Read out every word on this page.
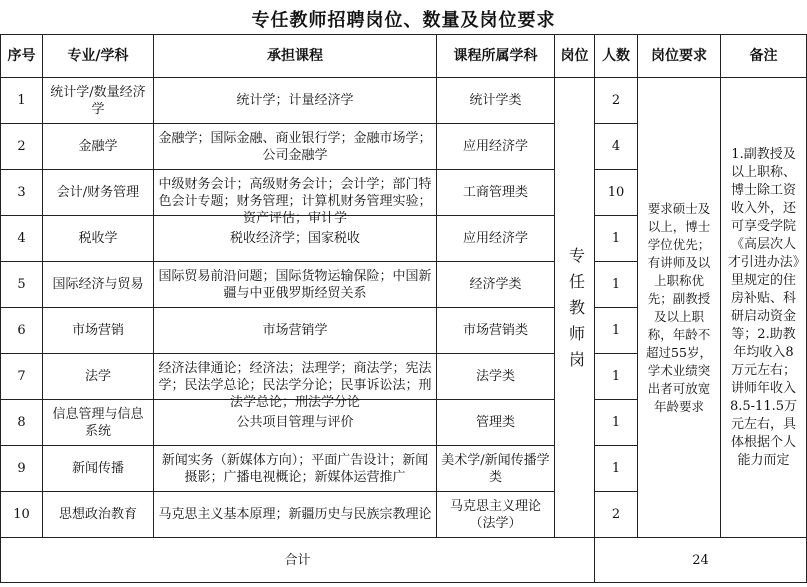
专任教师招聘岗位、数量及岗位要求
序号	专业/学科	承担课程	课程所属学科	岗位	人数	岗位要求	备注
1	统计学/数量经济学	统计学；计量经济学	统计学类	专任教师岗	2	要求硕士及以上，博士学位优先；有讲师及以上职称优先；副教授及以上职称，年龄不超过55岁，学术业绩突出者可放宽年龄要求	1.副教授及以上职称、博士除工资收入外，还可享受学院《高层次人才引进办法》里规定的住房补贴、科研启动资金等；2.助教年均收入8万元左右；讲师年收入8.5-11.5万元左右，具体根据个人能力而定
2	金融学	金融学；国际金融、商业银行学；金融市场学；公司金融学	应用经济学		4		
3	会计/财务管理	中级财务会计；高级财务会计；会计学；部门特色会计专题；财务管理；计算机财务管理实验；资产评估；审计学	工商管理类		10		
4	税收学	税收经济学；国家税收	应用经济学		1		
5	国际经济与贸易	国际贸易前沿问题；国际货物运输保险；中国新疆与中亚俄罗斯经贸关系	经济学类		1		
6	市场营销	市场营销学	市场营销类		1		
7	法学	经济法律通论；经济法；法理学；商法学；宪法学；民法学总论；民法学分论；民事诉讼法；刑法学总论；刑法学分论	法学类		1		
8	信息管理与信息系统	公共项目管理与评价	管理类		1		
9	新闻传播	新闻实务（新媒体方向）；平面广告设计；新闻摄影；广播电视概论；新媒体运营推广	美术学/新闻传播学类		1		
10	思想政治教育	马克思主义基本原理；新疆历史与民族宗教理论	马克思主义理论（法学）		2		
合计					24		
